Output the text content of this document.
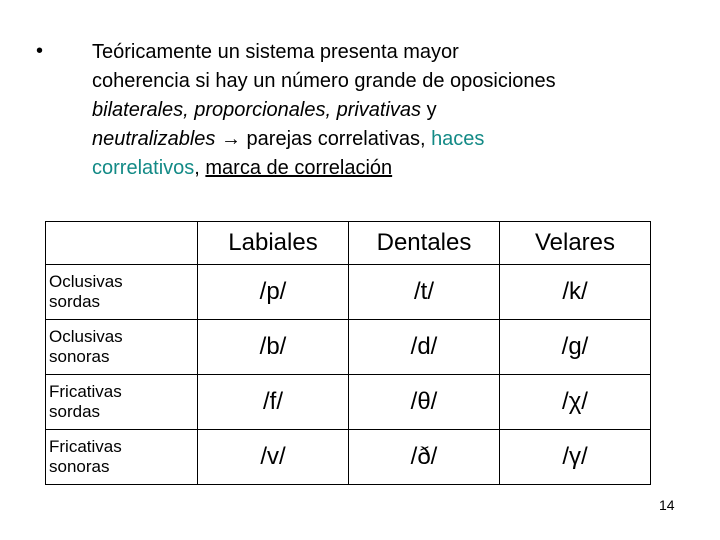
• Teóricamente un sistema presenta mayor
coherencia si hay un número grande de oposiciones
bilaterales, proporcionales, privativas y
neutralizables → parejas correlativas, haces
correlativos, marca de correlación
	Labiales	Dentales	Velares
Oclusivas
sordas	/p/	/t/	/k/
Oclusivas
sonoras	/b/	/d/	/g/
Fricativas
sordas	/f/	/θ/	/χ/
Fricativas
sonoras	/v/	/ð/	/γ/
14
